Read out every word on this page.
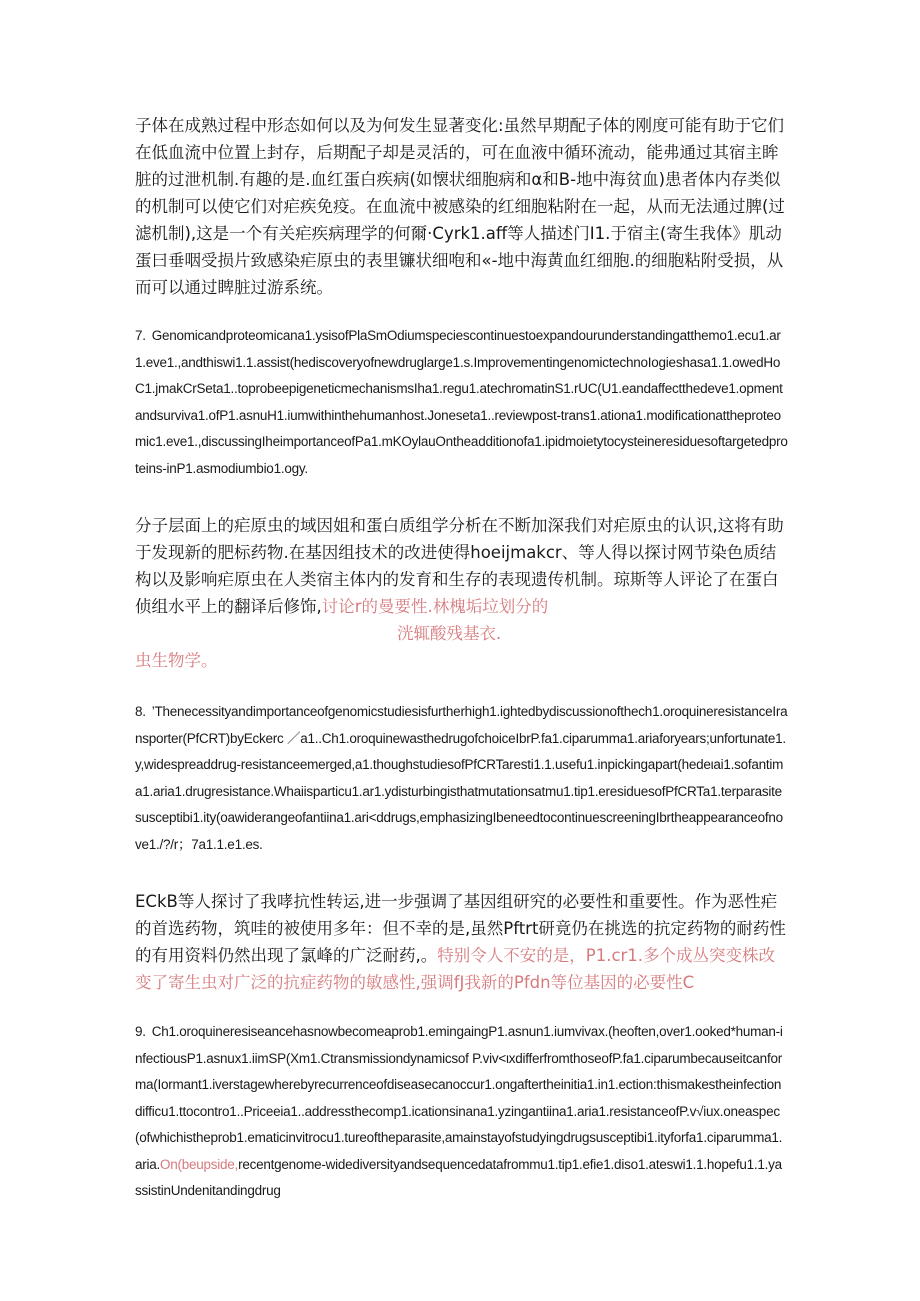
子体在成熟过程中形态如何以及为何发生显著变化:虽然早期配子体的刚度可能有助于它们在低血流中位置上封存，后期配子却是灵活的，可在血液中循环流动，能弗通过其宿主眸脏的过泄机制.有趣的是.血红蛋白疾病(如懐状细胞病和α和B-地中海贫血)患者体内存类似的机制可以使它们对疟疾免疫。在血流中被感染的红细胞粘附在一起，从而无法通过脾(过滤机制),这是一个有关疟疾病理学的何爾·Cyrk1.aff等人描述门I1.于宿主(寄生我体》肌动蛋曰垂咽受损片致感染疟原虫的表里镰状细咆和«-地中海黄血红细胞.的细胞粘附受损，从而可以通过睥脏过游系统。

7. Genomicandproteomicana1.ysisofPlaSmOdiumspeciescontinuestoexpandourunderstandingatthemo1.ecu1.ar1.eve1.,andthiswi1.1.assist(hediscoveryofnewdruglarge1.s.ImprovementingenomictechnoIogieshasa1.1.owedHoC1.jmakCrSeta1..toprobeepigeneticmechanismsIha1.regu1.atechromatinS1.rUC(U1.eandaffectthedeve1.opmentandsurviva1.ofP1.asnuH1.iumwithinthehumanhost.Joneseta1..reviewpost-trans1.ationa1.modificationattheproteomic1.eve1.,discussingIheimportanceofPa1.mKOylauOntheadditionofa1.ipidmoietytocysteineresiduesoftargetedproteins-inP1.asmodiumbio1.ogy.

分子层面上的疟原虫的域因姐和蛋白质组学分析在不断加深我们对疟原虫的认识,这将有助于发现新的肥标药物.在基因组技术的改进使得hoeijmakcr、等人得以探讨网节染色质结构以及影响疟原虫在人类宿主体内的发育和生存的表现遗传机制。琼斯等人评论了在蛋白侦组水平上的翻译后修饰,讨论r的曼要性.林槐垢垃划分的洸辄酸残基衣.
虫生物学。

8. ’Thenecessityandimportanceofgenomicstudiesisfurtherhigh1.ightedbydiscussionofthech1.oroquineresistanceIransporter(PfCRT)byEckerc ／a1..Ch1.oroquinewasthedrugofchoiceIbrP.fa1.ciparumma1.ariaforyears;unfortunate1.y,widespreaddrug-resistanceemerged,a1.thoughstudiesofPfCRTaresti1.1.usefu1.inpickingapart(hedeιai1.sofantima1.aria1.drugresistance.Whaiisparticu1.ar1.ydisturbingisthatmutationsatmu1.tip1.eresiduesofPfCRTa1.terparasitesusceptibi1.ity(oawiderangeofantiina1.ari<ddrugs,emphasizingIbeneedtocontinuescreeningIbrtheappearanceofnove1./?/r；7a1.1.e1.es.

ECkB等人探讨了我哮抗性转运,进一步强调了基因组研究的必要性和重要性。作为恶性疟的首选药物，筑哇的被使用多年：但不幸的是,虽然Pftrt研竟仍在挑选的抗定药物的耐药性的有用资料仍然出现了氯峰的广泛耐药,。特别令人不安的是，P1.cr1.多个成丛突变株改变了寄生虫对广泛的抗症药物的敏感性,强调fJ我新的Pfdn等位基因的必要性C

9. Ch1.oroquineresiseancehasnowbecomeaprob1.emingaingP1.asnun1.iumvivax.(heoften,over1.ooked*human-infectiousP1.asnux1.iimSP(Xm1.Ctransmissiondynamicsof P.viv<ιxdifferfromthoseofP.fa1.ciparumbecauseitcanforma(Iormant1.iverstagewherebyrecurrenceofdiseasecanoccur1.ongaftertheinitia1.in1.ection:thismakestheinfectiondifficu1.ttocontro1..Priceeia1..addressthecomp1.icationsinana1.yzingantiina1.aria1.resistanceofP.v√iux.oneaspec(ofwhichistheprob1.ematicinvitrocu1.tureoftheparasite,amainstayofstudyingdrugsusceptibi1.ityforfa1.ciparumma1.aria.On(beupside,recentgenome-widediversityandsequencedatafrommu1.tip1.efie1.diso1.ateswi1.1.hopefu1.1.yassistinUndenitandingdrug
